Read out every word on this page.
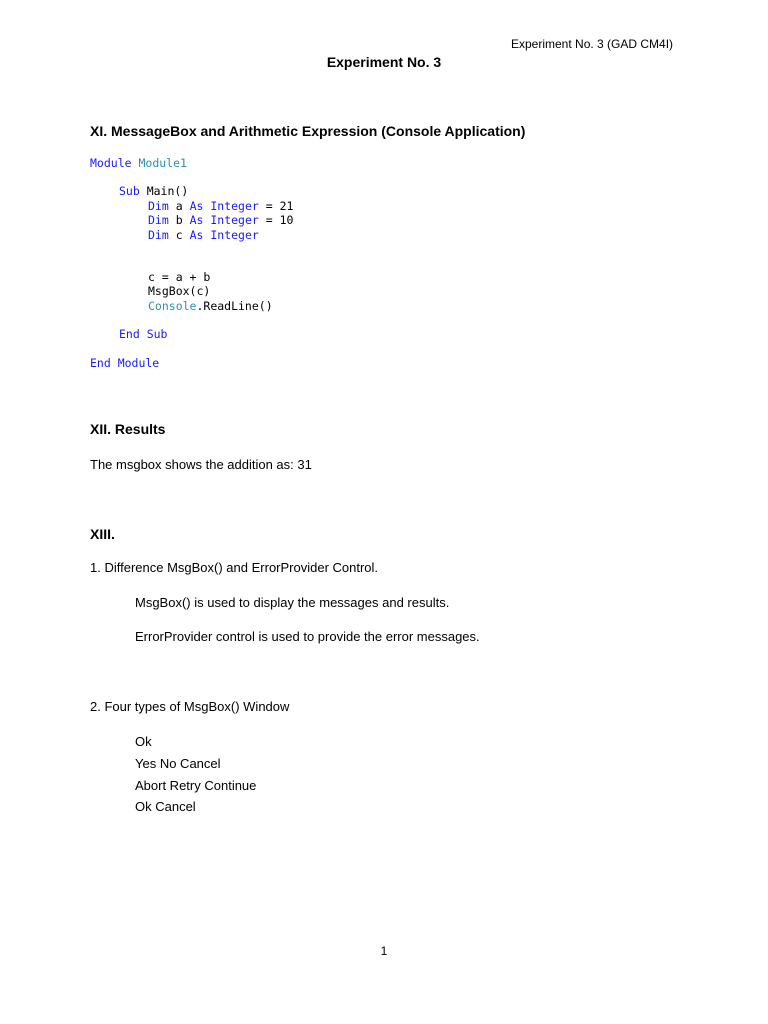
Experiment No. 3 (GAD CM4I)
Experiment No. 3
XI. MessageBox and Arithmetic Expression (Console Application)
Module Module1
Sub Main()
Dim a As Integer = 21
Dim b As Integer = 10
Dim c As Integer
c = a + b
MsgBox(c)
Console.ReadLine()
End Sub
End Module
XII. Results
The msgbox shows the addition as: 31
XIII.
1. Difference MsgBox() and ErrorProvider Control.
MsgBox() is used to display the messages and results.
ErrorProvider control is used to provide the error messages.
2. Four types of MsgBox() Window
Ok
Yes No Cancel
Abort Retry Continue
Ok Cancel
1
